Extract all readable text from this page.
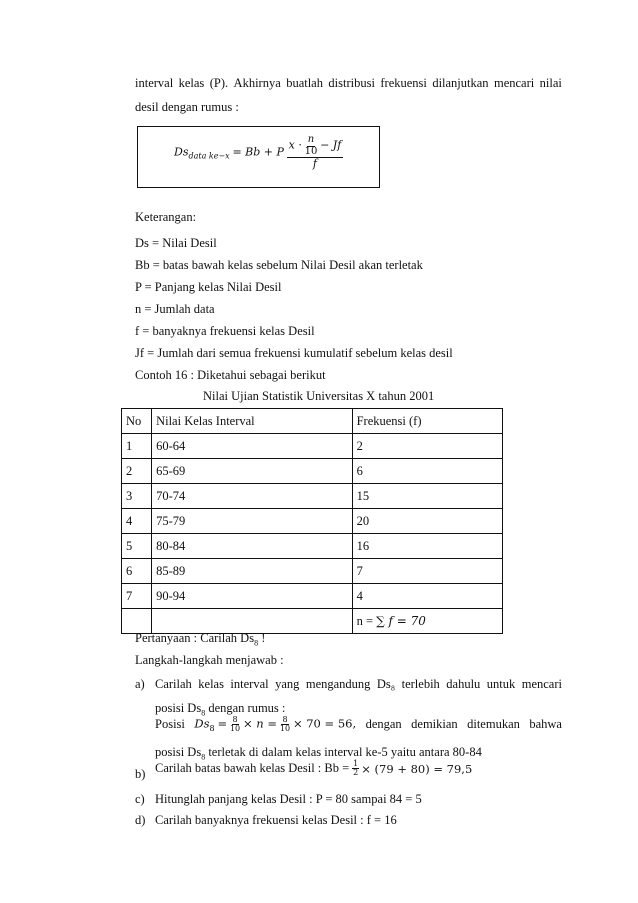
interval kelas (P). Akhirnya buatlah distribusi frekuensi dilanjutkan mencari nilai
desil dengan rumus :
$Ds_{data ke-x} = Bb + P \frac{x \cdot \frac{n}{10} - Jf}{f}$
Keterangan:
Ds = Nilai Desil
Bb = batas bawah kelas sebelum Nilai Desil akan terletak
P = Panjang kelas Nilai Desil
n = Jumlah data
f = banyaknya frekuensi kelas Desil
Jf = Jumlah dari semua frekuensi kumulatif sebelum kelas desil
Contoh 16 : Diketahui sebagai berikut
Nilai Ujian Statistik Universitas X tahun 2001
No	Nilai Kelas Interval	Frekuensi (f)
1	60-64	2
2	65-69	6
3	70-74	15
4	75-79	20
5	80-84	16
6	85-89	7
7	90-94	4
		n = ∑ f = 70
Pertanyaan : Carilah $Ds_8$ !
Langkah-langkah menjawab :
a) Carilah kelas interval yang mengandung Ds₈ terlebih dahulu untuk mencari
posisi $Ds_8$ dengan rumus :
Posisi $Ds_8 = \frac{8}{10} \times n = \frac{8}{10} \times 70 = 56$, dengan demikian ditemukan bahwa
posisi $Ds_8$ terletak di dalam kelas interval ke-5 yaitu antara 80-84
b) Carilah batas bawah kelas Desil : $Bb = \frac{1}{2} \times (79 + 80) = 79,5$
c) Hitunglah panjang kelas Desil : P = 80 sampai 84 = 5
d) Carilah banyaknya frekuensi kelas Desil : f = 16
